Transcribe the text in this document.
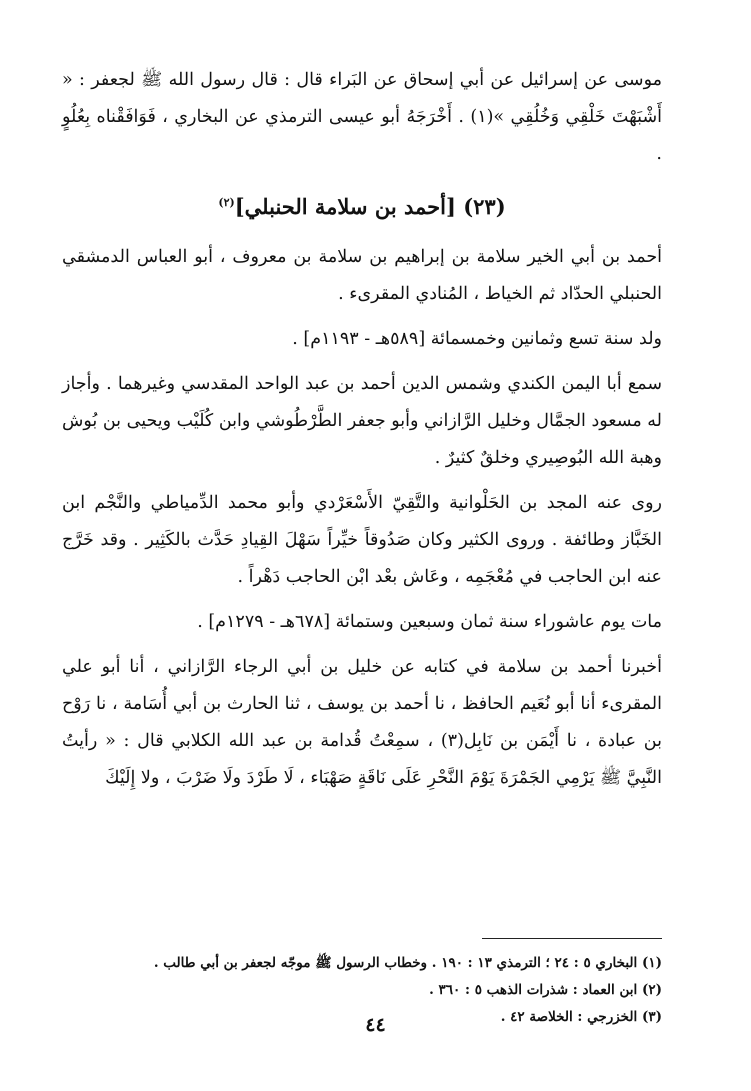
موسى عن إسرائيل عن أبي إسحاق عن البَراء قال : قال رسول الله ﷺ لجعفر : « أَشْبَهْتَ خَلْقِي وَخُلُقِي »(١) . أَخْرَجَهُ أبو عيسى الترمذي عن البخاري ، فَوَافَقْناه بِعُلُوٍ .

(٢٣) [أحمد بن سلامة الحنبلي]$^{(٢)}$

أحمد بن أبي الخير سلامة بن إبراهيم بن سلامة بن معروف ، أبو العباس الدمشقي الحنبلي الحدّاد ثم الخياط ، المُنادي المقرىء .

ولد سنة تسع وثمانين وخمسمائة [٥٨٩هـ - ١١٩٣م] .

سمع أبا اليمن الكندي وشمس الدين أحمد بن عبد الواحد المقدسي وغيرهما . وأجاز له مسعود الجمَّال وخليل الرَّازاني وأبو جعفر الطَّرْطُوشي وابن كُلَيْب ويحيى بن بُوش وهبة الله البُوصِيري وخلقٌ كثيرٌ .

روى عنه المجد بن الحَلْوانية والتَّقِيّ الأَسْعَرْدي وأبو محمد الدِّمياطي والنَّجْم ابن الخَبَّاز وطائفة . وروى الكثير وكان صَدُوقاً خيِّراً سَهْلَ القِيادِ حَدَّث بالكَثِير . وقد خَرَّج عنه ابن الحاجب في مُعْجَمِه ، وعَاش بعْد ابْن الحاجب دَهْراً .

مات يوم عاشوراء سنة ثمان وسبعين وستمائة [٦٧٨هـ - ١٢٧٩م] .

أخبرنا أحمد بن سلامة في كتابه عن خليل بن أبي الرجاء الرَّازاني ، أنا أبو علي المقرىء أنا أبو نُعَيم الحافظ ، نا أحمد بن يوسف ، ثنا الحارث بن أبي أُسَامة ، نا رَوْح بن عبادة ، نا أَيْمَن بن نَابِل(٣) ، سمِعْتُ قُدامة بن عبد الله الكلابي قال : « رأيتُ النَّبِيَّ ﷺ يَرْمِي الجَمْرَةَ يَوْمَ النَّحْرِ عَلَى نَاقَةٍ صَهْبَاء ، لَا طَرْدَ ولَا ضَرْبَ ، ولا إِلَيْكَ

(١) البخاري ٥ : ٢٤ ؛ الترمذي ١٣ : ١٩٠ . وخطاب الرسول ﷺ موجّه لجعفر بن أبي طالب .

(٢) ابن العماد : شذرات الذهب ٥ : ٣٦٠ .

(٣) الخزرجي : الخلاصة ٤٢ .

٤٤
